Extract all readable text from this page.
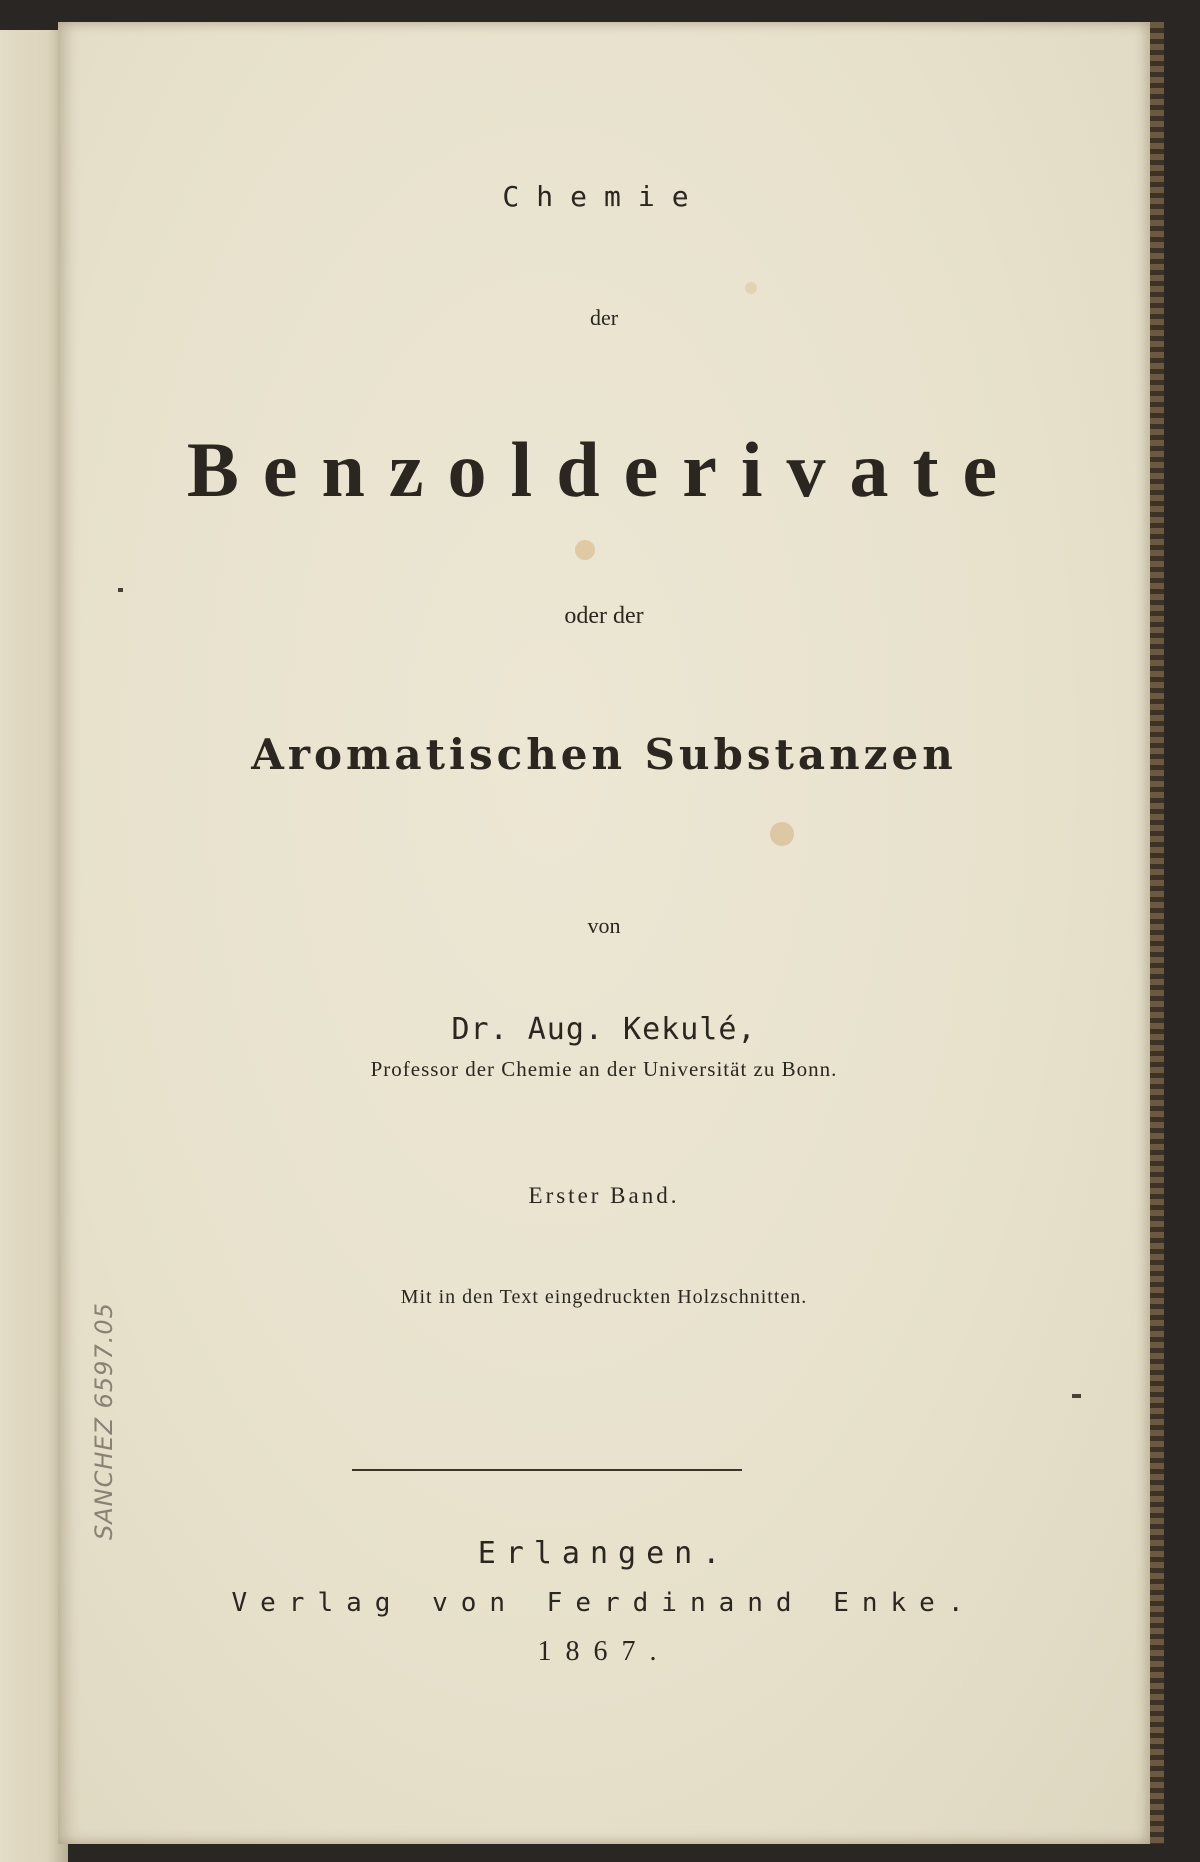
Chemie
der
Benzolderivate
oder der
Aromatischen Substanzen
von
Dr. Aug. Kekulé,
Professor der Chemie an der Universität zu Bonn.
Erster Band.
Mit in den Text eingedruckten Holzschnitten.
Erlangen.
Verlag von Ferdinand Enke.
1867.
SANCHEZ 6597.05
